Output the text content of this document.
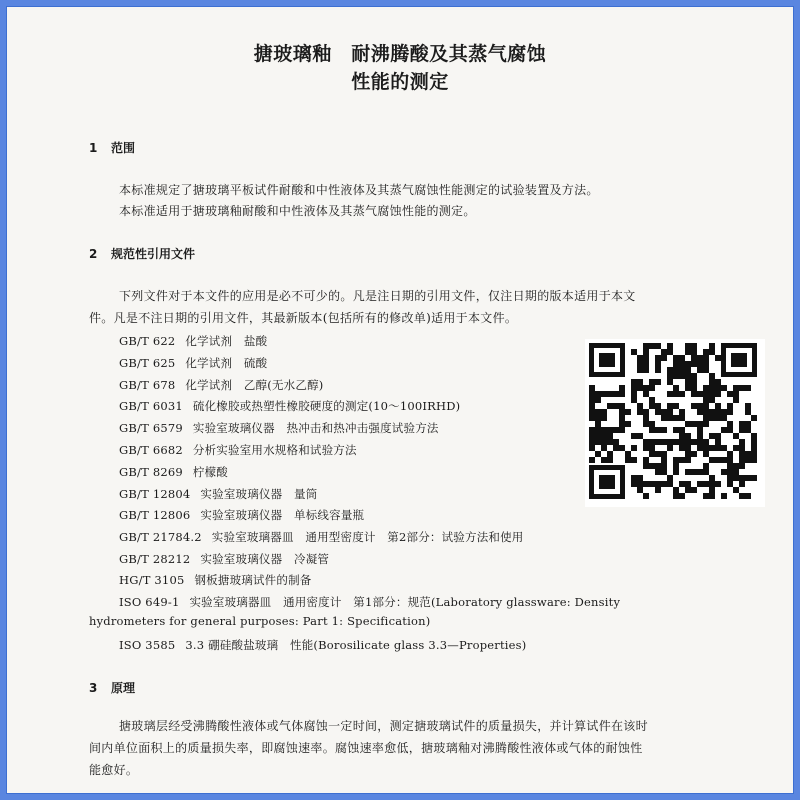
搪玻璃釉　耐沸腾酸及其蒸气腐蚀
性能的测定
1 范围
本标准规定了搪玻璃平板试件耐酸和中性液体及其蒸气腐蚀性能测定的试验装置及方法。
本标准适用于搪玻璃釉耐酸和中性液体及其蒸气腐蚀性能的测定。
2 规范性引用文件
下列文件对于本文件的应用是必不可少的。凡是注日期的引用文件，仅注日期的版本适用于本文
件。凡是不注日期的引用文件，其最新版本(包括所有的修改单)适用于本文件。
GB/T 622 化学试剂　盐酸
GB/T 625 化学试剂　硫酸
GB/T 678 化学试剂　乙醇(无水乙醇)
GB/T 6031 硫化橡胶或热塑性橡胶硬度的测定(10～100IRHD)
GB/T 6579 实验室玻璃仪器　热冲击和热冲击强度试验方法
GB/T 6682 分析实验室用水规格和试验方法
GB/T 8269 柠檬酸
GB/T 12804 实验室玻璃仪器　量筒
GB/T 12806 实验室玻璃仪器　单标线容量瓶
GB/T 21784.2 实验室玻璃器皿　通用型密度计　第2部分：试验方法和使用
GB/T 28212 实验室玻璃仪器　冷凝管
HG/T 3105 钢板搪玻璃试件的制备
ISO 649-1 实验室玻璃器皿　通用密度计　第1部分：规范(Laboratory glassware: Density
hydrometers for general purposes: Part 1: Specification)
ISO 3585 3.3 硼硅酸盐玻璃　性能(Borosilicate glass 3.3—Properties)
3 原理
搪玻璃层经受沸腾酸性液体或气体腐蚀一定时间，测定搪玻璃试件的质量损失，并计算试件在该时
间内单位面积上的质量损失率，即腐蚀速率。腐蚀速率愈低，搪玻璃釉对沸腾酸性液体或气体的耐蚀性
能愈好。
